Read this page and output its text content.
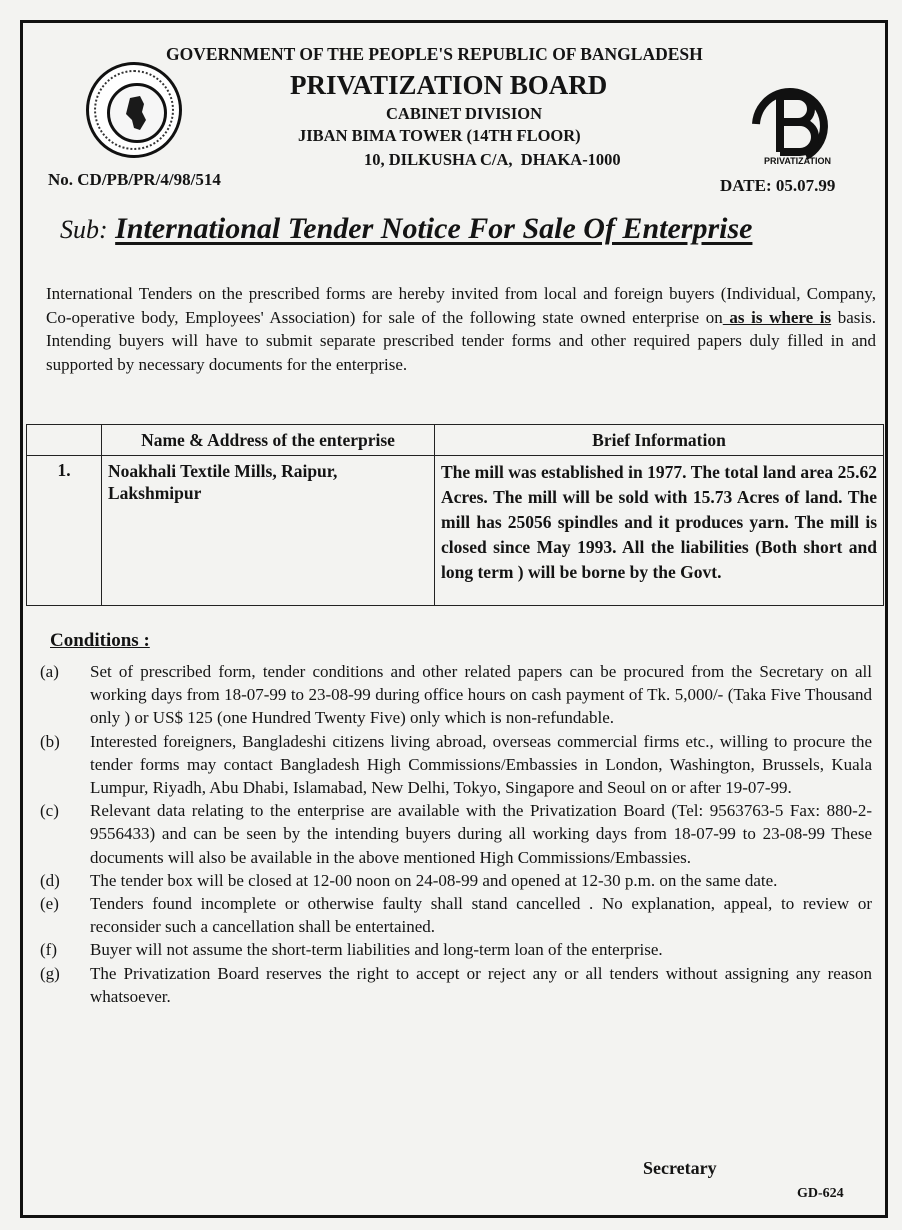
GOVERNMENT OF THE PEOPLE'S REPUBLIC OF BANGLADESH
PRIVATIZATION BOARD
CABINET DIVISION
JIBAN BIMA TOWER (14TH FLOOR)
10, DILKUSHA C/A,  DHAKA-1000
No. CD/PB/PR/4/98/514	DATE: 05.07.99
PRIVATIZATION
Sub: International Tender Notice For Sale Of Enterprise
International Tenders on the prescribed forms are hereby invited from local and foreign buyers (Individual, Company, Co-operative body, Employees' Association) for sale of the following state owned enterprise on as is where is basis. Intending buyers will have to submit separate prescribed tender forms and other required papers duly filled in and supported by necessary documents for the enterprise.
	Name & Address of the enterprise	Brief Information
1.	Noakhali Textile Mills, Raipur, Lakshmipur	The mill was established in 1977. The total land area 25.62 Acres. The mill will be sold with 15.73 Acres of land. The mill has 25056 spindles and it produces yarn. The mill is closed since May 1993. All the liabilities (Both short and long term ) will be borne by the Govt.
Conditions :
(a)	Set of prescribed form, tender conditions and other related papers can be procured from the Secretary on all working days from 18-07-99 to 23-08-99 during office hours on cash payment of Tk. 5,000/- (Taka Five Thousand only ) or US$ 125 (one Hundred Twenty Five) only which is non-refundable.
(b)	Interested foreigners, Bangladeshi citizens living abroad, overseas commercial firms etc., willing to procure the tender forms may contact Bangladesh High Commissions/Embassies in London, Washington, Brussels, Kuala Lumpur, Riyadh, Abu Dhabi, Islamabad, New Delhi, Tokyo, Singapore and Seoul on or after 19-07-99.
(c)	Relevant data relating to the enterprise are available with the Privatization Board (Tel: 9563763-5 Fax: 880-2-9556433) and can be seen by the intending buyers during all working days from 18-07-99 to 23-08-99 These documents will also be available in the above mentioned High Commissions/Embassies.
(d)	The tender box will be closed at 12-00 noon on 24-08-99 and opened at 12-30 p.m. on the same date.
(e)	Tenders found incomplete or otherwise faulty shall stand cancelled . No explanation, appeal, to review or reconsider such a cancellation shall be entertained.
(f)	Buyer will not assume the short-term liabilities and long-term loan of the enterprise.
(g)	The Privatization Board reserves the right to accept or reject any or all tenders without assigning any reason whatsoever.
Secretary
GD-624
